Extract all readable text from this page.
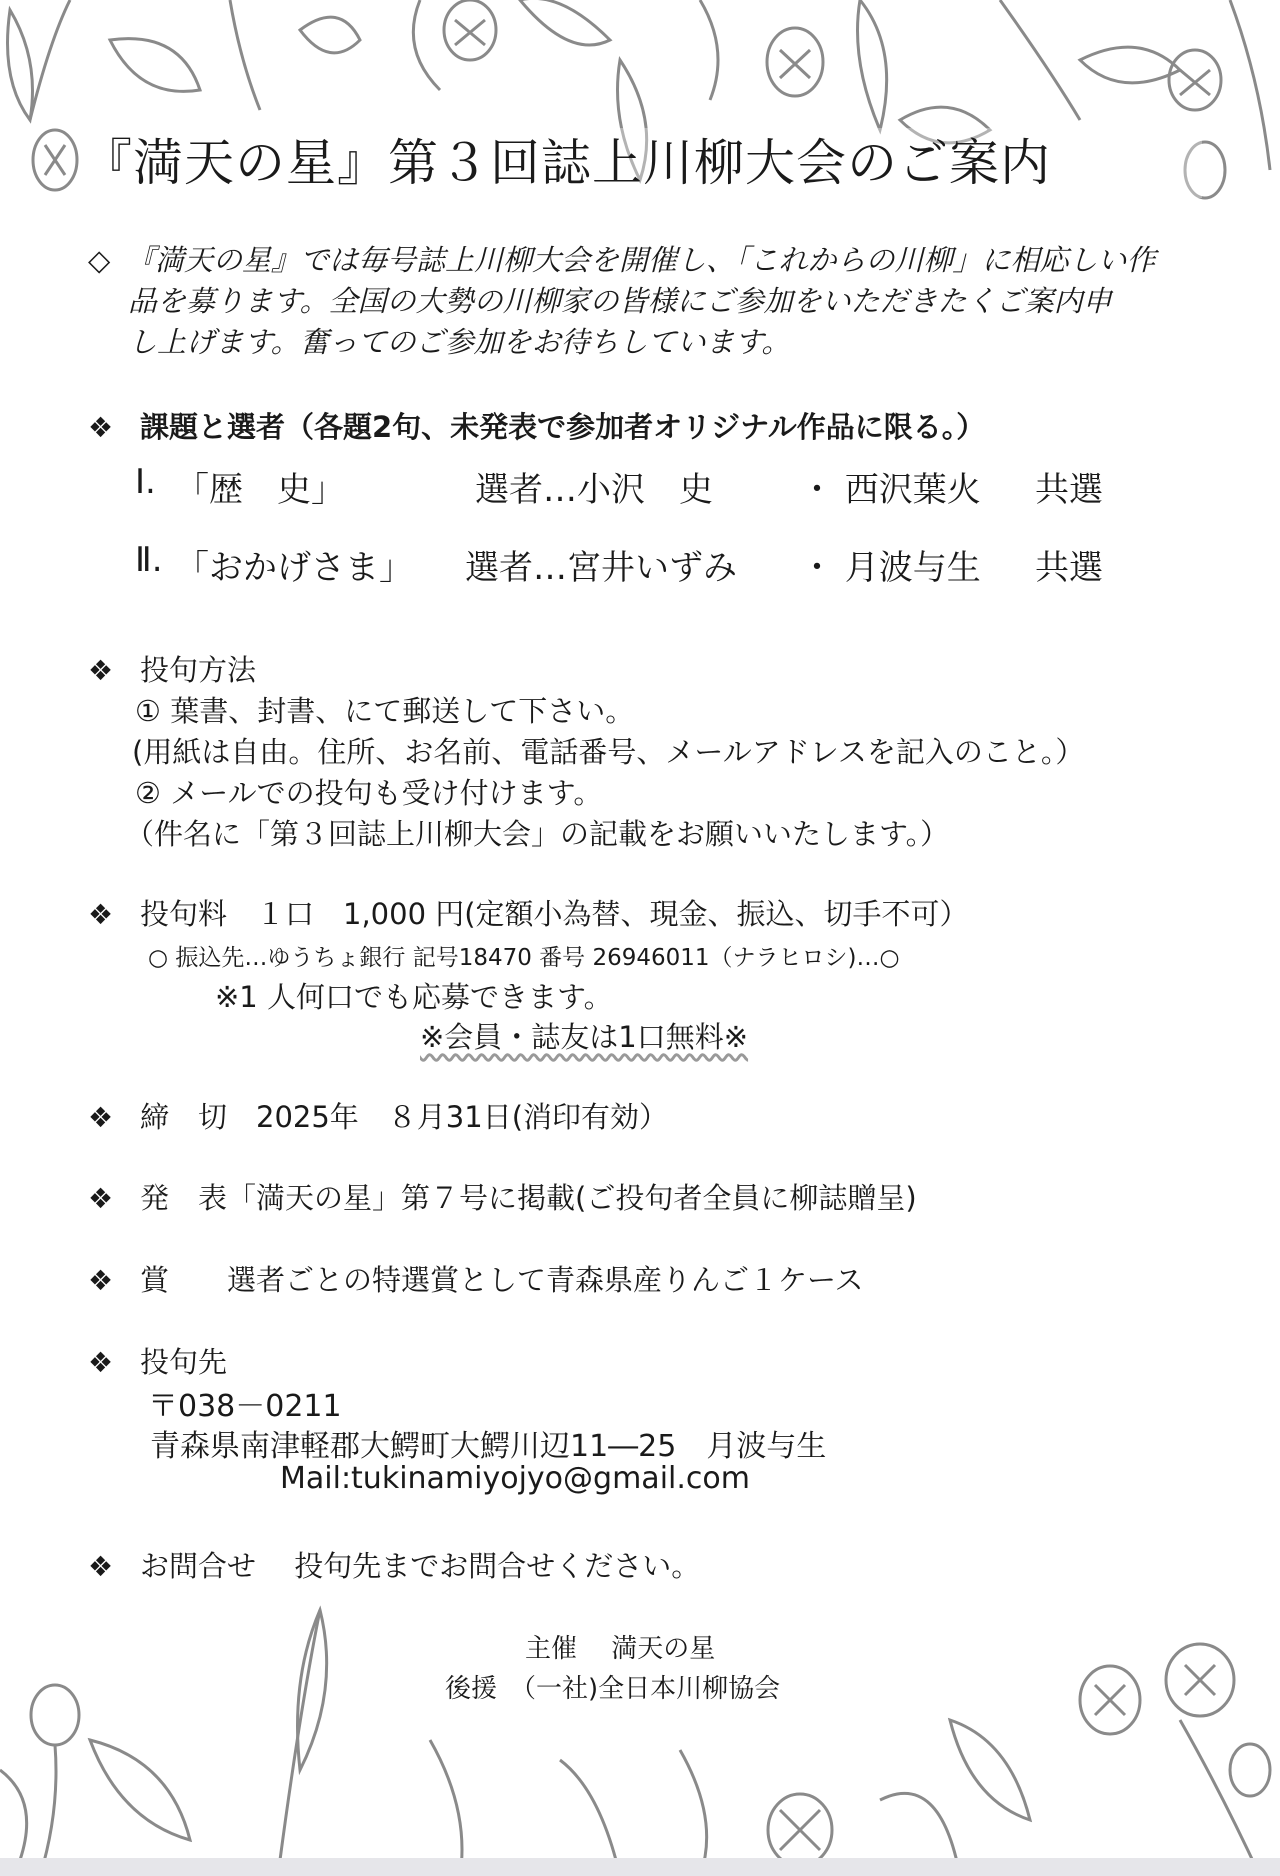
『満天の星』第３回誌上川柳大会のご案内
◇ 『満天の星』では毎号誌上川柳大会を開催し、「これからの川柳」に相応しい作
品を募ります。全国の大勢の川柳家の皆様にご参加をいただきたくご案内申
し上げます。奮ってのご参加をお待ちしています。
❖ 課題と選者（各題2句、未発表で参加者オリジナル作品に限る。）
Ⅰ. 「歴　史」	選者…小沢　史	・ 西沢葉火 共選
Ⅱ. 「おかげさま」 選者…宮井いずみ ・ 月波与生 共選
❖ 投句方法
① 葉書、封書、にて郵送して下さい。
(用紙は自由。住所、お名前、電話番号、メールアドレスを記入のこと。）
② メールでの投句も受け付けます。
（件名に「第３回誌上川柳大会」の記載をお願いいたします。）
❖ 投句料　１口　1,000 円(定額小為替、現金、振込、切手不可）
○ 振込先…ゆうちょ銀行 記号18470 番号 26946011（ナラヒロシ)…○
※1 人何口でも応募できます。
※会員・誌友は1口無料※
❖ 締　切　2025年　８月31日(消印有効）
❖ 発　表「満天の星」第７号に掲載(ご投句者全員に柳誌贈呈)
❖ 賞　　選者ごとの特選賞として青森県産りんご１ケース
❖ 投句先
〒038－0211
青森県南津軽郡大鰐町大鰐川辺11―25　月波与生
Mail:tukinamiyojyo@gmail.com
❖ お問合せ　 投句先までお問合せください。
主催　 満天の星
後援　（一社)全日本川柳協会
